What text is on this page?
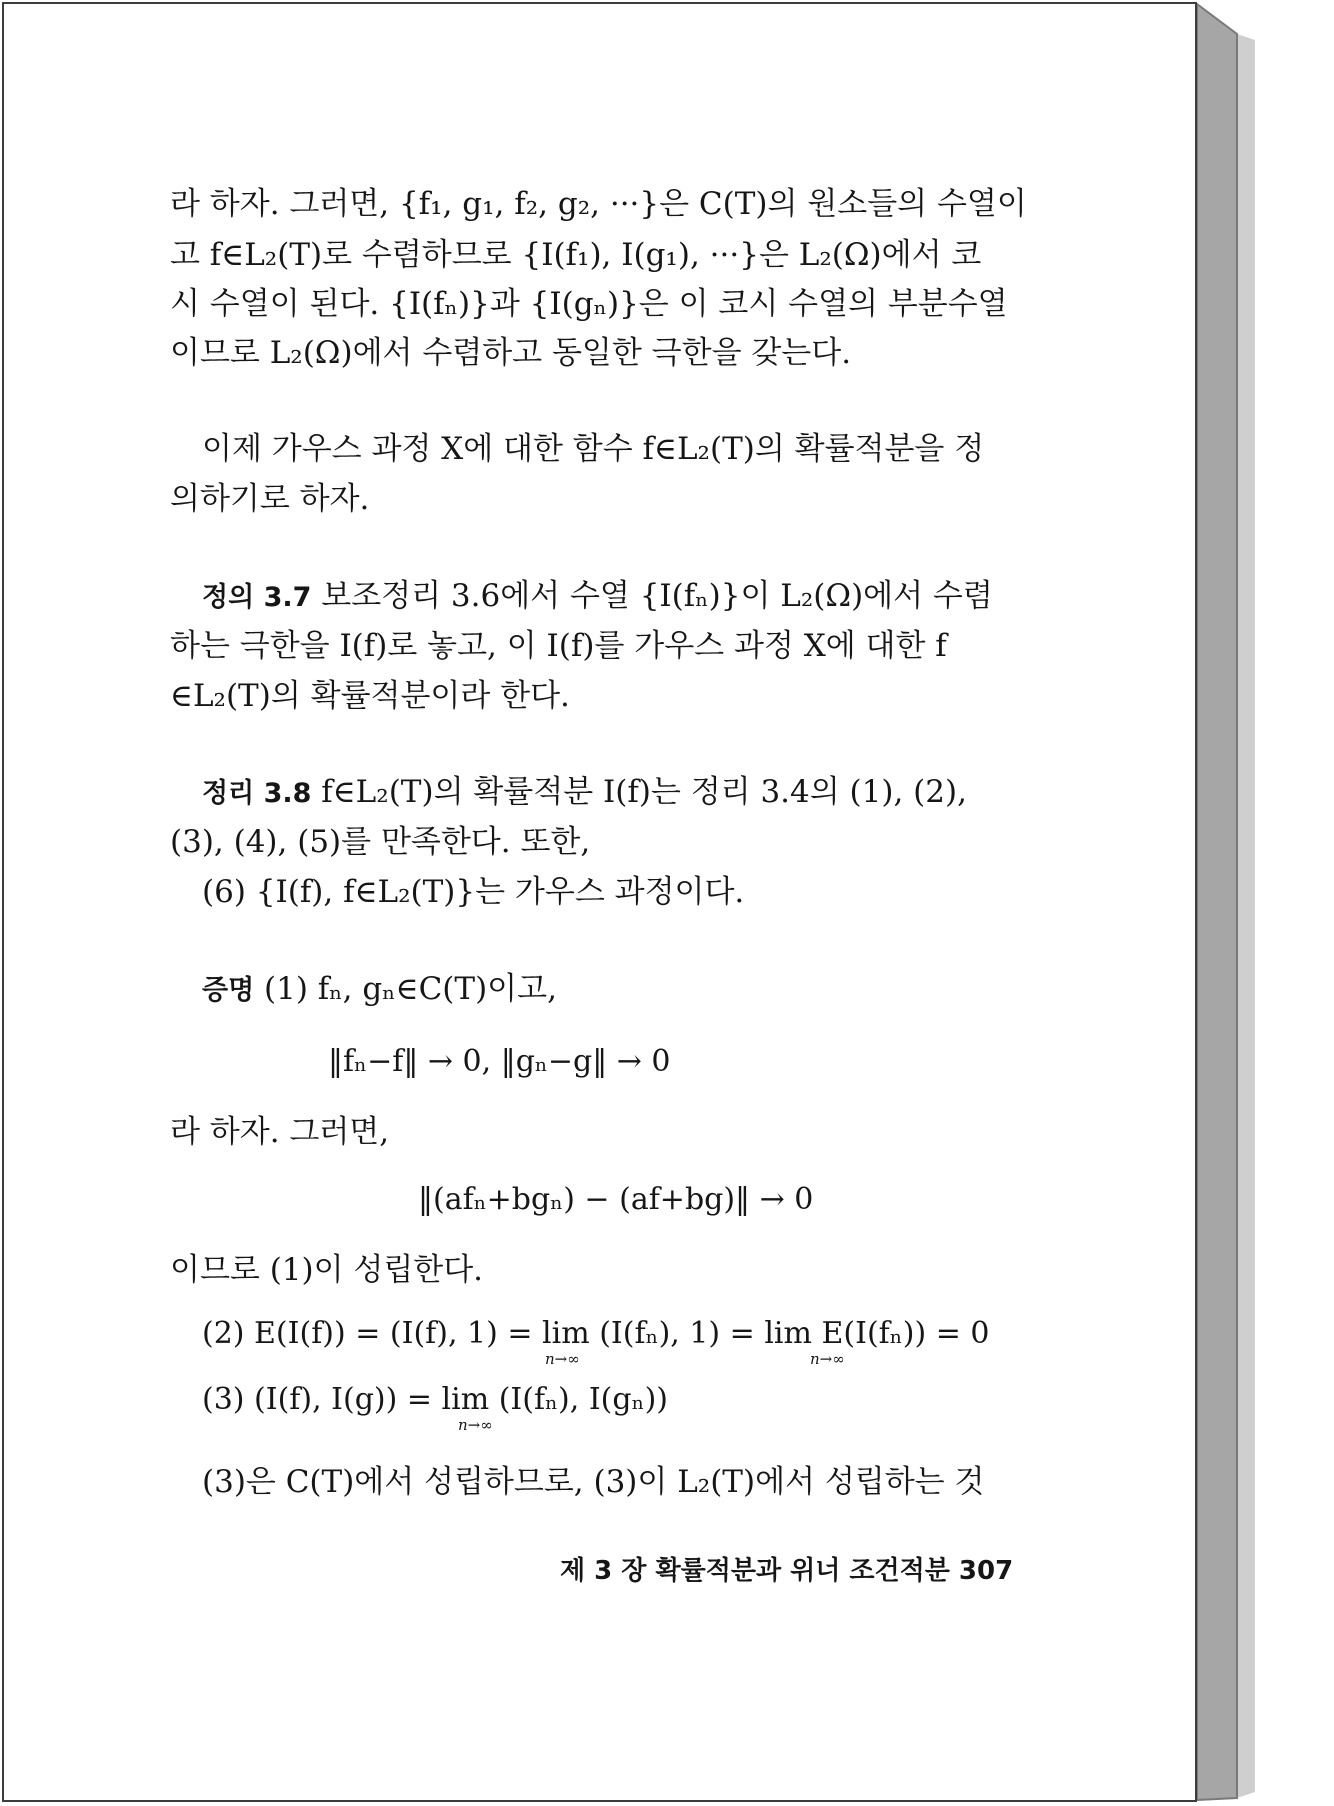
라 하자. 그러면, {f₁, g₁, f₂, g₂, ···}은 C(T)의 원소들의 수열이
고 f∈L₂(T)로 수렴하므로 {I(f₁), I(g₁), ···}은 L₂(Ω)에서 코
시 수열이 된다. {I(fₙ)}과 {I(gₙ)}은 이 코시 수열의 부분수열
이므로 L₂(Ω)에서 수렴하고 동일한 극한을 갖는다.
이제 가우스 과정 X에 대한 함수 f∈L₂(T)의 확률적분을 정
의하기로 하자.
정의 3.7 보조정리 3.6에서 수열 {I(fₙ)}이 L₂(Ω)에서 수렴
하는 극한을 I(f)로 놓고, 이 I(f)를 가우스 과정 X에 대한 f
∈L₂(T)의 확률적분이라 한다.
정리 3.8 f∈L₂(T)의 확률적분 I(f)는 정리 3.4의 (1), (2),
(3), (4), (5)를 만족한다. 또한,
(6) {I(f), f∈L₂(T)}는 가우스 과정이다.
증명 (1) fₙ, gₙ∈C(T)이고,
‖fₙ−f‖ → 0, ‖gₙ−g‖ → 0
라 하자. 그러면,
‖(afₙ+bgₙ) − (af+bg)‖ → 0
이므로 (1)이 성립한다.
(2) E(I(f)) = (I(f), 1) = lim (I(fₙ), 1) = lim E(I(fₙ)) = 0
n→∞	n→∞
(3) (I(f), I(g)) = lim (I(fₙ), I(gₙ))
n→∞
(3)은 C(T)에서 성립하므로, (3)이 L₂(T)에서 성립하는 것
제 3 장 확률적분과 위너 조건적분 307
